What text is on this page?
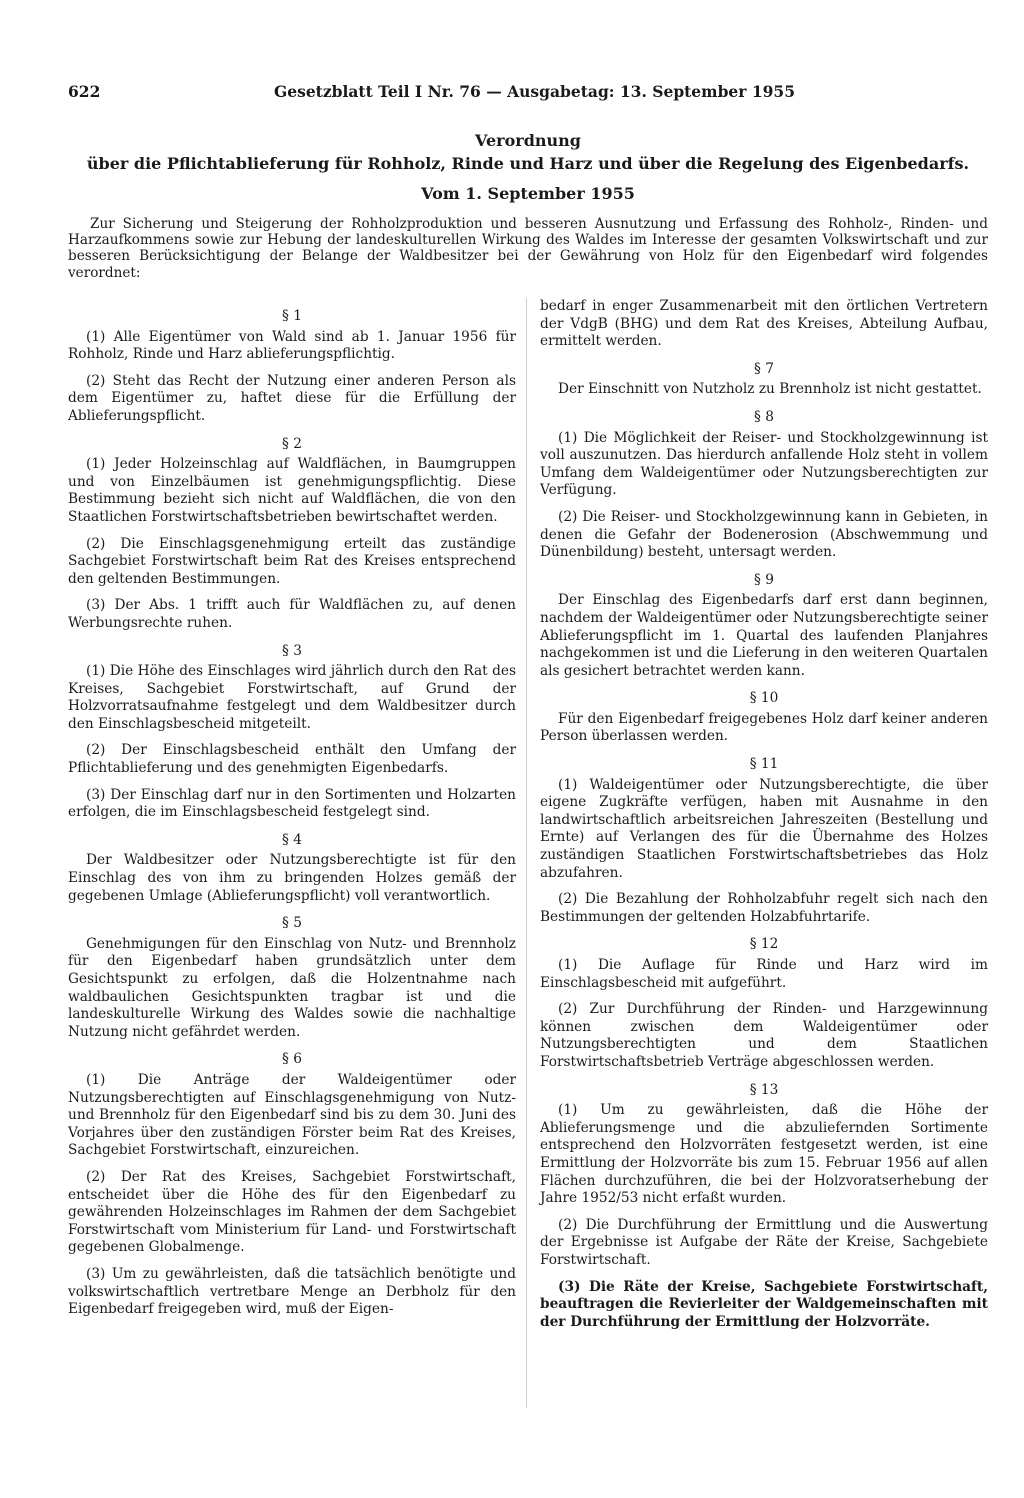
622	Gesetzblatt Teil I Nr. 76 — Ausgabetag: 13. September 1955
Verordnung
über die Pflichtablieferung für Rohholz, Rinde und Harz und über die Regelung des Eigenbedarfs.
Vom 1. September 1955
Zur Sicherung und Steigerung der Rohholzproduktion und besseren Ausnutzung und Erfassung des Rohholz-, Rinden- und Harzaufkommens sowie zur Hebung der landeskulturellen Wirkung des Waldes im Interesse der gesamten Volkswirtschaft und zur besseren Berücksichtigung der Belange der Waldbesitzer bei der Gewährung von Holz für den Eigenbedarf wird folgendes verordnet:
§ 1

(1) Alle Eigentümer von Wald sind ab 1. Januar 1956 für Rohholz, Rinde und Harz ablieferungspflichtig.

(2) Steht das Recht der Nutzung einer anderen Person als dem Eigentümer zu, haftet diese für die Erfüllung der Ablieferungspflicht.

§ 2

(1) Jeder Holzeinschlag auf Waldflächen, in Baumgruppen und von Einzelbäumen ist genehmigungspflichtig. Diese Bestimmung bezieht sich nicht auf Waldflächen, die von den Staatlichen Forstwirtschaftsbetrieben bewirtschaftet werden.

(2) Die Einschlagsgenehmigung erteilt das zuständige Sachgebiet Forstwirtschaft beim Rat des Kreises entsprechend den geltenden Bestimmungen.

(3) Der Abs. 1 trifft auch für Waldflächen zu, auf denen Werbungsrechte ruhen.

§ 3

(1) Die Höhe des Einschlages wird jährlich durch den Rat des Kreises, Sachgebiet Forstwirtschaft, auf Grund der Holzvorratsaufnahme festgelegt und dem Waldbesitzer durch den Einschlagsbescheid mitgeteilt.

(2) Der Einschlagsbescheid enthält den Umfang der Pflichtablieferung und des genehmigten Eigenbedarfs.

(3) Der Einschlag darf nur in den Sortimenten und Holzarten erfolgen, die im Einschlagsbescheid festgelegt sind.

§ 4

Der Waldbesitzer oder Nutzungsberechtigte ist für den Einschlag des von ihm zu bringenden Holzes gemäß der gegebenen Umlage (Ablieferungspflicht) voll verantwortlich.

§ 5

Genehmigungen für den Einschlag von Nutz- und Brennholz für den Eigenbedarf haben grundsätzlich unter dem Gesichtspunkt zu erfolgen, daß die Holzentnahme nach waldbaulichen Gesichtspunkten tragbar ist und die landeskulturelle Wirkung des Waldes sowie die nachhaltige Nutzung nicht gefährdet werden.

§ 6

(1) Die Anträge der Waldeigentümer oder Nutzungsberechtigten auf Einschlagsgenehmigung von Nutz- und Brennholz für den Eigenbedarf sind bis zu dem 30. Juni des Vorjahres über den zuständigen Förster beim Rat des Kreises, Sachgebiet Forstwirtschaft, einzureichen.

(2) Der Rat des Kreises, Sachgebiet Forstwirtschaft, entscheidet über die Höhe des für den Eigenbedarf zu gewährenden Holzeinschlages im Rahmen der dem Sachgebiet Forstwirtschaft vom Ministerium für Land- und Forstwirtschaft gegebenen Globalmenge.

(3) Um zu gewährleisten, daß die tatsächlich benötigte und volkswirtschaftlich vertretbare Menge an Derbholz für den Eigenbedarf freigegeben wird, muß der Eigen-

bedarf in enger Zusammenarbeit mit den örtlichen Vertretern der VdgB (BHG) und dem Rat des Kreises, Abteilung Aufbau, ermittelt werden.

§ 7

Der Einschnitt von Nutzholz zu Brennholz ist nicht gestattet.

§ 8

(1) Die Möglichkeit der Reiser- und Stockholzgewinnung ist voll auszunutzen. Das hierdurch anfallende Holz steht in vollem Umfang dem Waldeigentümer oder Nutzungsberechtigten zur Verfügung.

(2) Die Reiser- und Stockholzgewinnung kann in Gebieten, in denen die Gefahr der Bodenerosion (Abschwemmung und Dünenbildung) besteht, untersagt werden.

§ 9

Der Einschlag des Eigenbedarfs darf erst dann beginnen, nachdem der Waldeigentümer oder Nutzungsberechtigte seiner Ablieferungspflicht im 1. Quartal des laufenden Planjahres nachgekommen ist und die Lieferung in den weiteren Quartalen als gesichert betrachtet werden kann.

§ 10

Für den Eigenbedarf freigegebenes Holz darf keiner anderen Person überlassen werden.

§ 11

(1) Waldeigentümer oder Nutzungsberechtigte, die über eigene Zugkräfte verfügen, haben mit Ausnahme in den landwirtschaftlich arbeitsreichen Jahreszeiten (Bestellung und Ernte) auf Verlangen des für die Übernahme des Holzes zuständigen Staatlichen Forstwirtschaftsbetriebes das Holz abzufahren.

(2) Die Bezahlung der Rohholzabfuhr regelt sich nach den Bestimmungen der geltenden Holzabfuhrtarife.

§ 12

(1) Die Auflage für Rinde und Harz wird im Einschlagsbescheid mit aufgeführt.

(2) Zur Durchführung der Rinden- und Harzgewinnung können zwischen dem Waldeigentümer oder Nutzungsberechtigten und dem Staatlichen Forstwirtschaftsbetrieb Verträge abgeschlossen werden.

§ 13

(1) Um zu gewährleisten, daß die Höhe der Ablieferungsmenge und die abzuliefernden Sortimente entsprechend den Holzvorräten festgesetzt werden, ist eine Ermittlung der Holzvorräte bis zum 15. Februar 1956 auf allen Flächen durchzuführen, die bei der Holzvoratserhebung der Jahre 1952/53 nicht erfaßt wurden.

(2) Die Durchführung der Ermittlung und die Auswertung der Ergebnisse ist Aufgabe der Räte der Kreise, Sachgebiete Forstwirtschaft.

(3) Die Räte der Kreise, Sachgebiete Forstwirtschaft, beauftragen die Revierleiter der Waldgemeinschaften mit der Durchführung der Ermittlung der Holzvorräte.
